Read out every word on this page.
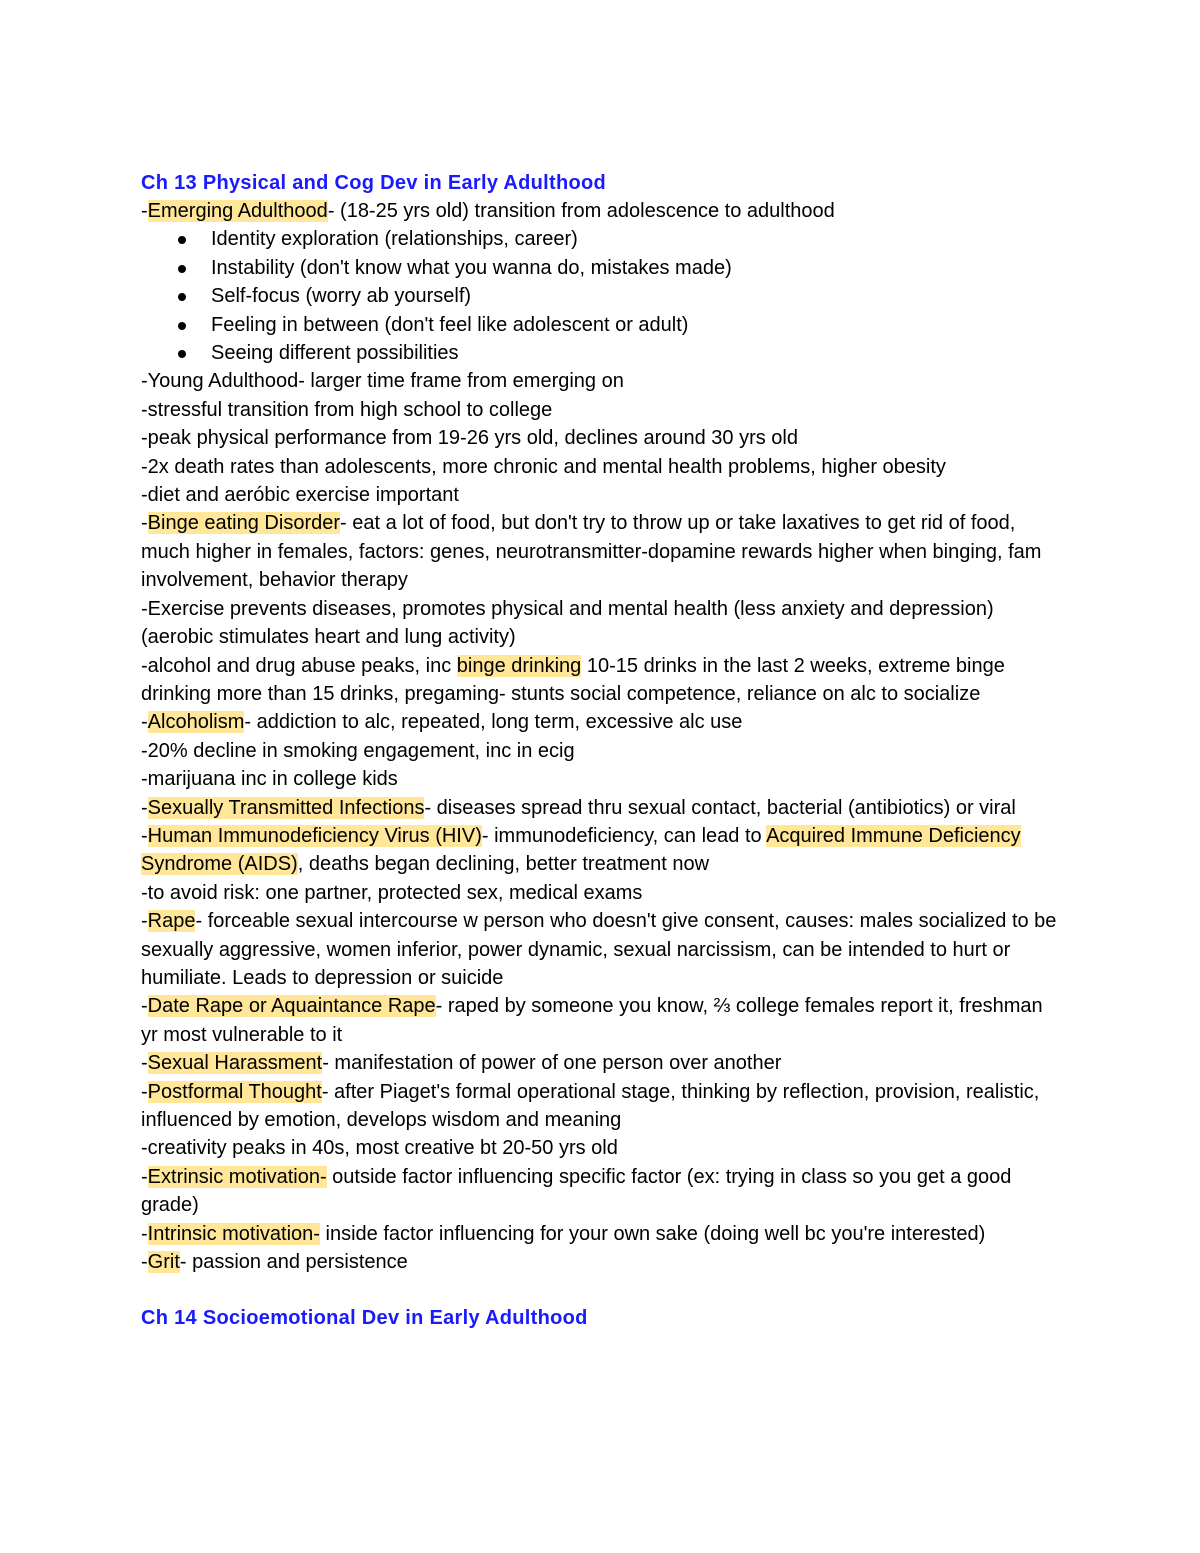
Ch 13 Physical and Cog Dev in Early Adulthood

-Emerging Adulthood- (18-25 yrs old) transition from adolescence to adulthood

Identity exploration (relationships, career)
Instability (don't know what you wanna do, mistakes made)
Self-focus (worry ab yourself)
Feeling in between (don't feel like adolescent or adult)
Seeing different possibilities

-Young Adulthood- larger time frame from emerging on

-stressful transition from high school to college

-peak physical performance from 19-26 yrs old, declines around 30 yrs old

-2x death rates than adolescents, more chronic and mental health problems, higher obesity

-diet and aeróbic exercise important

-Binge eating Disorder- eat a lot of food, but don't try to throw up or take laxatives to get rid of food, much higher in females, factors: genes, neurotransmitter-dopamine rewards higher when binging, fam involvement, behavior therapy

-Exercise prevents diseases, promotes physical and mental health (less anxiety and depression) (aerobic stimulates heart and lung activity)

-alcohol and drug abuse peaks, inc binge drinking 10-15 drinks in the last 2 weeks, extreme binge drinking more than 15 drinks, pregaming- stunts social competence, reliance on alc to socialize

-Alcoholism- addiction to alc, repeated, long term, excessive alc use

-20% decline in smoking engagement, inc in ecig

-marijuana inc in college kids

-Sexually Transmitted Infections- diseases spread thru sexual contact, bacterial (antibiotics) or viral

-Human Immunodeficiency Virus (HIV)- immunodeficiency, can lead to Acquired Immune Deficiency Syndrome (AIDS), deaths began declining, better treatment now

-to avoid risk: one partner, protected sex, medical exams

-Rape- forceable sexual intercourse w person who doesn't give consent, causes: males socialized to be sexually aggressive, women inferior, power dynamic, sexual narcissism, can be intended to hurt or humiliate. Leads to depression or suicide

-Date Rape or Aquaintance Rape- raped by someone you know, ⅔ college females report it, freshman yr most vulnerable to it

-Sexual Harassment- manifestation of power of one person over another

-Postformal Thought- after Piaget's formal operational stage, thinking by reflection, provision, realistic, influenced by emotion, develops wisdom and meaning

-creativity peaks in 40s, most creative bt 20-50 yrs old

-Extrinsic motivation- outside factor influencing specific factor (ex: trying in class so you get a good grade)

-Intrinsic motivation- inside factor influencing for your own sake (doing well bc you're interested)

-Grit- passion and persistence

Ch 14 Socioemotional Dev in Early Adulthood
